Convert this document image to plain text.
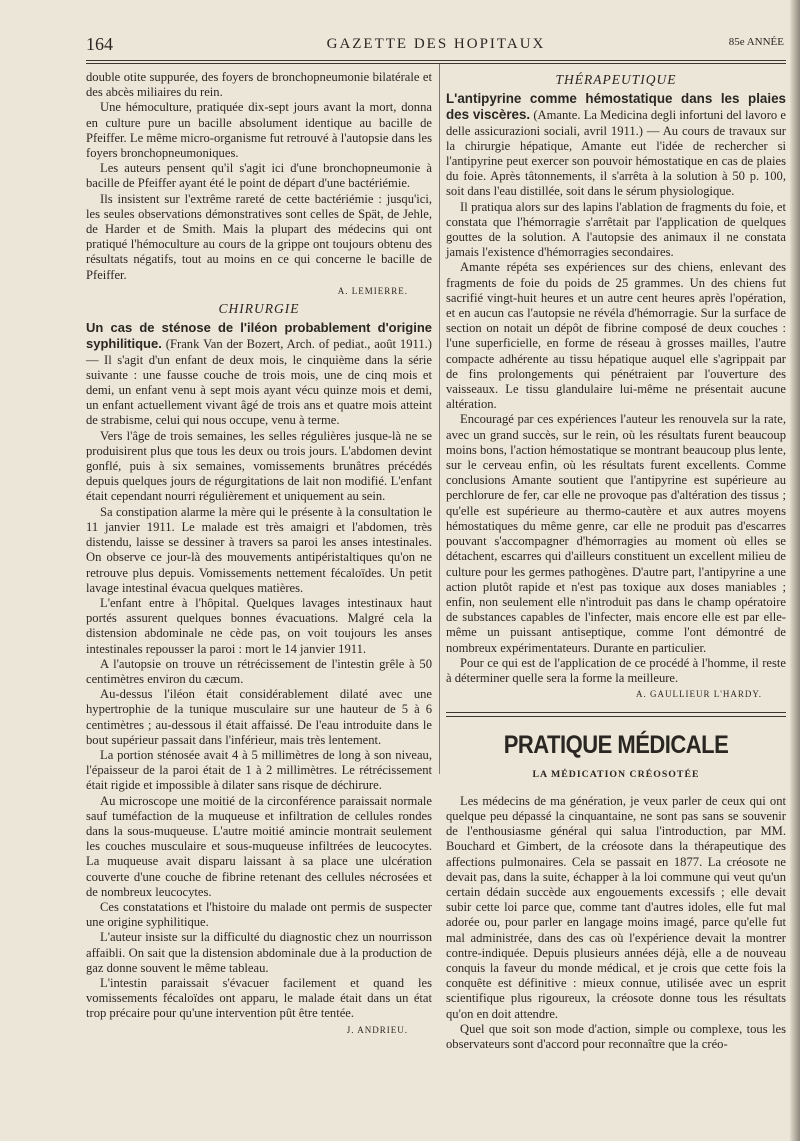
164	GAZETTE DES HOPITAUX	85e ANNÉE

double otite suppurée, des foyers de bronchopneumonie bilatérale et des abcès miliaires du rein.

Une hémoculture, pratiquée dix-sept jours avant la mort, donna en culture pure un bacille absolument identique au bacille de Pfeiffer. Le même micro-organisme fut retrouvé à l'autopsie dans les foyers bronchopneumoniques.

Les auteurs pensent qu'il s'agit ici d'une bronchopneumonie à bacille de Pfeiffer ayant été le point de départ d'une bactériémie.

Ils insistent sur l'extrême rareté de cette bactériémie : jusqu'ici, les seules observations démonstratives sont celles de Spät, de Jehle, de Harder et de Smith. Mais la plupart des médecins qui ont pratiqué l'hémoculture au cours de la grippe ont toujours obtenu des résultats négatifs, tout au moins en ce qui concerne le bacille de Pfeiffer.

A. LEMIERRE.
CHIRURGIE

Un cas de sténose de l'iléon probablement d'origine syphilitique. (Frank Van der Bozert, Arch. of pediat., août 1911.) — Il s'agit d'un enfant de deux mois, le cinquième dans la série suivante : une fausse couche de trois mois, une de cinq mois et demi, un enfant venu à sept mois ayant vécu quinze mois et demi, un enfant actuellement vivant âgé de trois ans et quatre mois atteint de strabisme, celui qui nous occupe, venu à terme.

Vers l'âge de trois semaines, les selles régulières jusque-là ne se produisirent plus que tous les deux ou trois jours. L'abdomen devint gonflé, puis à six semaines, vomissements brunâtres précédés depuis quelques jours de régurgitations de lait non modifié. L'enfant était cependant nourri régulièrement et uniquement au sein.

Sa constipation alarme la mère qui le présente à la consultation le 11 janvier 1911. Le malade est très amaigri et l'abdomen, très distendu, laisse se dessiner à travers sa paroi les anses intestinales. On observe ce jour-là des mouvements antipéristaltiques qu'on ne retrouve plus depuis. Vomissements nettement fécaloïdes. Un petit lavage intestinal évacua quelques matières.

L'enfant entre à l'hôpital. Quelques lavages intestinaux haut portés assurent quelques bonnes évacuations. Malgré cela la distension abdominale ne cède pas, on voit toujours les anses intestinales repousser la paroi : mort le 14 janvier 1911.

A l'autopsie on trouve un rétrécissement de l'intestin grêle à 50 centimètres environ du cæcum.

Au-dessus l'iléon était considérablement dilaté avec une hypertrophie de la tunique musculaire sur une hauteur de 5 à 6 centimètres ; au-dessous il était affaissé. De l'eau introduite dans le bout supérieur passait dans l'inférieur, mais très lentement.

La portion sténosée avait 4 à 5 millimètres de long à son niveau, l'épaisseur de la paroi était de 1 à 2 millimètres. Le rétrécissement était rigide et impossible à dilater sans risque de déchirure.

Au microscope une moitié de la circonférence paraissait normale sauf tuméfaction de la muqueuse et infiltration de cellules rondes dans la sous-muqueuse. L'autre moitié amincie montrait seulement les couches musculaire et sous-muqueuse infiltrées de leucocytes. La muqueuse avait disparu laissant à sa place une ulcération couverte d'une couche de fibrine retenant des cellules nécrosées et de nombreux leucocytes.

Ces constatations et l'histoire du malade ont permis de suspecter une origine syphilitique.

L'auteur insiste sur la difficulté du diagnostic chez un nourrisson affaibli. On sait que la distension abdominale due à la production de gaz donne souvent le même tableau.

L'intestin paraissait s'évacuer facilement et quand les vomissements fécaloïdes ont apparu, le malade était dans un état trop précaire pour qu'une intervention pût être tentée.

J. ANDRIEU.
THÉRAPEUTIQUE

L'antipyrine comme hémostatique dans les plaies des viscères. (Amante. La Medicina degli infortuni del lavoro e delle assicurazioni sociali, avril 1911.) — Au cours de travaux sur la chirurgie hépatique, Amante eut l'idée de rechercher si l'antipyrine peut exercer son pouvoir hémostatique en cas de plaies du foie. Après tâtonnements, il s'arrêta à la solution à 50 p. 100, soit dans l'eau distillée, soit dans le sérum physiologique.

Il pratiqua alors sur des lapins l'ablation de fragments du foie, et constata que l'hémorragie s'arrêtait par l'application de quelques gouttes de la solution. A l'autopsie des animaux il ne constata jamais l'existence d'hémorragies secondaires.

Amante répéta ses expériences sur des chiens, enlevant des fragments de foie du poids de 25 grammes. Un des chiens fut sacrifié vingt-huit heures et un autre cent heures après l'opération, et en aucun cas l'autopsie ne révéla d'hémorragie. Sur la surface de section on notait un dépôt de fibrine composé de deux couches : l'une superficielle, en forme de réseau à grosses mailles, l'autre compacte adhérente au tissu hépatique auquel elle s'agrippait par de fins prolongements qui pénétraient par l'ouverture des vaisseaux. Le tissu glandulaire lui-même ne présentait aucune altération.

Encouragé par ces expériences l'auteur les renouvela sur la rate, avec un grand succès, sur le rein, où les résultats furent beaucoup moins bons, l'action hémostatique se montrant beaucoup plus lente, sur le cerveau enfin, où les résultats furent excellents. Comme conclusions Amante soutient que l'antipyrine est supérieure au perchlorure de fer, car elle ne provoque pas d'altération des tissus ; qu'elle est supérieure au thermo-cautère et aux autres moyens hémostatiques du même genre, car elle ne produit pas d'escarres pouvant s'accompagner d'hémorragies au moment où elles se détachent, escarres qui d'ailleurs constituent un excellent milieu de culture pour les germes pathogènes. D'autre part, l'antipyrine a une action plutôt rapide et n'est pas toxique aux doses maniables ; enfin, non seulement elle n'introduit pas dans le champ opératoire de substances capables de l'infecter, mais encore elle est par elle-même un puissant antiseptique, comme l'ont démontré de nombreux expérimentateurs. Durante en particulier.

Pour ce qui est de l'application de ce procédé à l'homme, il reste à déterminer quelle sera la forme la meilleure.

A. GAULLIEUR L'HARDY.
PRATIQUE MÉDICALE
LA MÉDICATION CRÉOSOTÉE

Les médecins de ma génération, je veux parler de ceux qui ont quelque peu dépassé la cinquantaine, ne sont pas sans se souvenir de l'enthousiasme général qui salua l'introduction, par MM. Bouchard et Gimbert, de la créosote dans la thérapeutique des affections pulmonaires. Cela se passait en 1877. La créosote ne devait pas, dans la suite, échapper à la loi commune qui veut qu'un certain dédain succède aux engouements excessifs ; elle devait subir cette loi parce que, comme tant d'autres idoles, elle fut mal adorée ou, pour parler en langage moins imagé, parce qu'elle fut mal administrée, dans des cas où l'expérience devait la montrer contre-indiquée. Depuis plusieurs années déjà, elle a de nouveau conquis la faveur du monde médical, et je crois que cette fois la conquête est définitive : mieux connue, utilisée avec un esprit scientifique plus rigoureux, la créosote donne tous les résultats qu'on en doit attendre.

Quel que soit son mode d'action, simple ou complexe, tous les observateurs sont d'accord pour reconnaître que la créo-
